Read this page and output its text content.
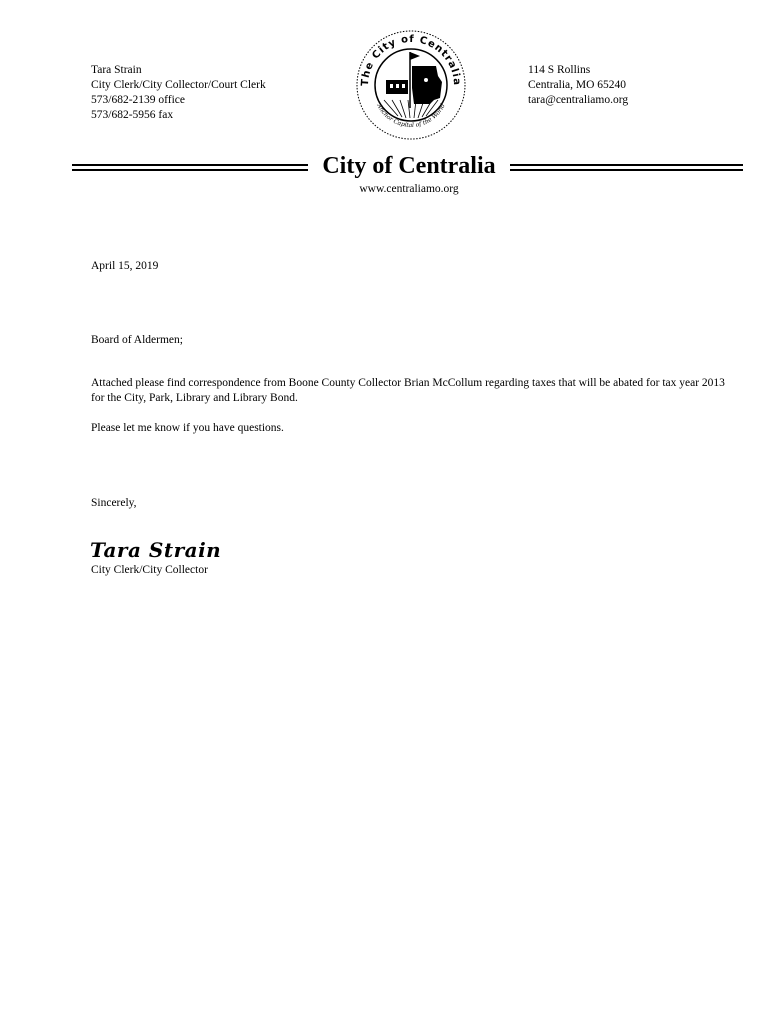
Tara Strain
City Clerk/City Collector/Court Clerk
573/682-2139 office
573/682-5956 fax
The City of Centralia
Anchor Capital of the World
114 S Rollins
Centralia, MO 65240
tara@centraliamo.org
City of Centralia
www.centraliamo.org
April 15, 2019
Board of Aldermen;
Attached please find correspondence from Boone County Collector Brian McCollum regarding taxes that will be abated for tax year 2013 for the City, Park, Library and Library Bond.
Please let me know if you have questions.
Sincerely,
Tara Strain
City Clerk/City Collector
